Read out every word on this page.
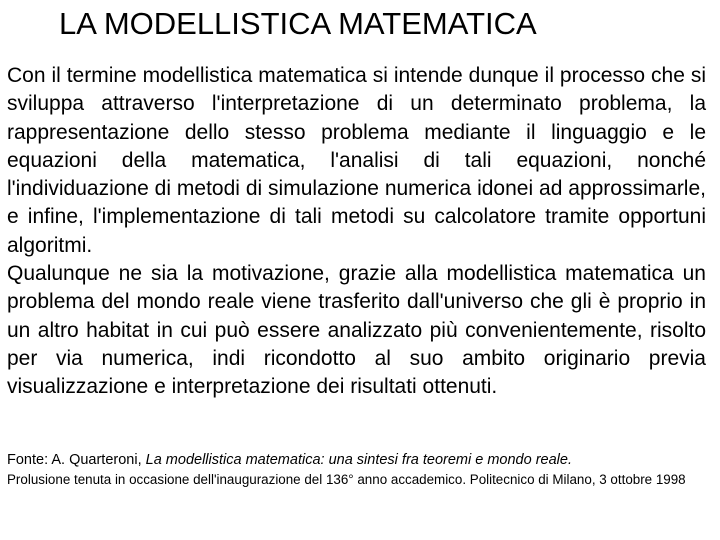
LA MODELLISTICA MATEMATICA

Con il termine modellistica matematica si intende dunque il processo che si sviluppa attraverso l'interpretazione di un determinato problema, la rappresentazione dello stesso problema mediante il linguaggio e le equazioni della matematica, l'analisi di tali equazioni, nonché l'individuazione di metodi di simulazione numerica idonei ad approssimarle, e infine, l'implementazione di tali metodi su calcolatore tramite opportuni algoritmi.

Qualunque ne sia la motivazione, grazie alla modellistica matematica un problema del mondo reale viene trasferito dall'universo che gli è proprio in un altro habitat in cui può essere analizzato più convenientemente, risolto per via numerica, indi ricondotto al suo ambito originario previa visualizzazione e interpretazione dei risultati ottenuti.

Fonte: A. Quarteroni, La modellistica matematica: una sintesi fra teoremi e mondo reale.
Prolusione tenuta in occasione dell'inaugurazione del 136° anno accademico. Politecnico di Milano, 3 ottobre 1998
